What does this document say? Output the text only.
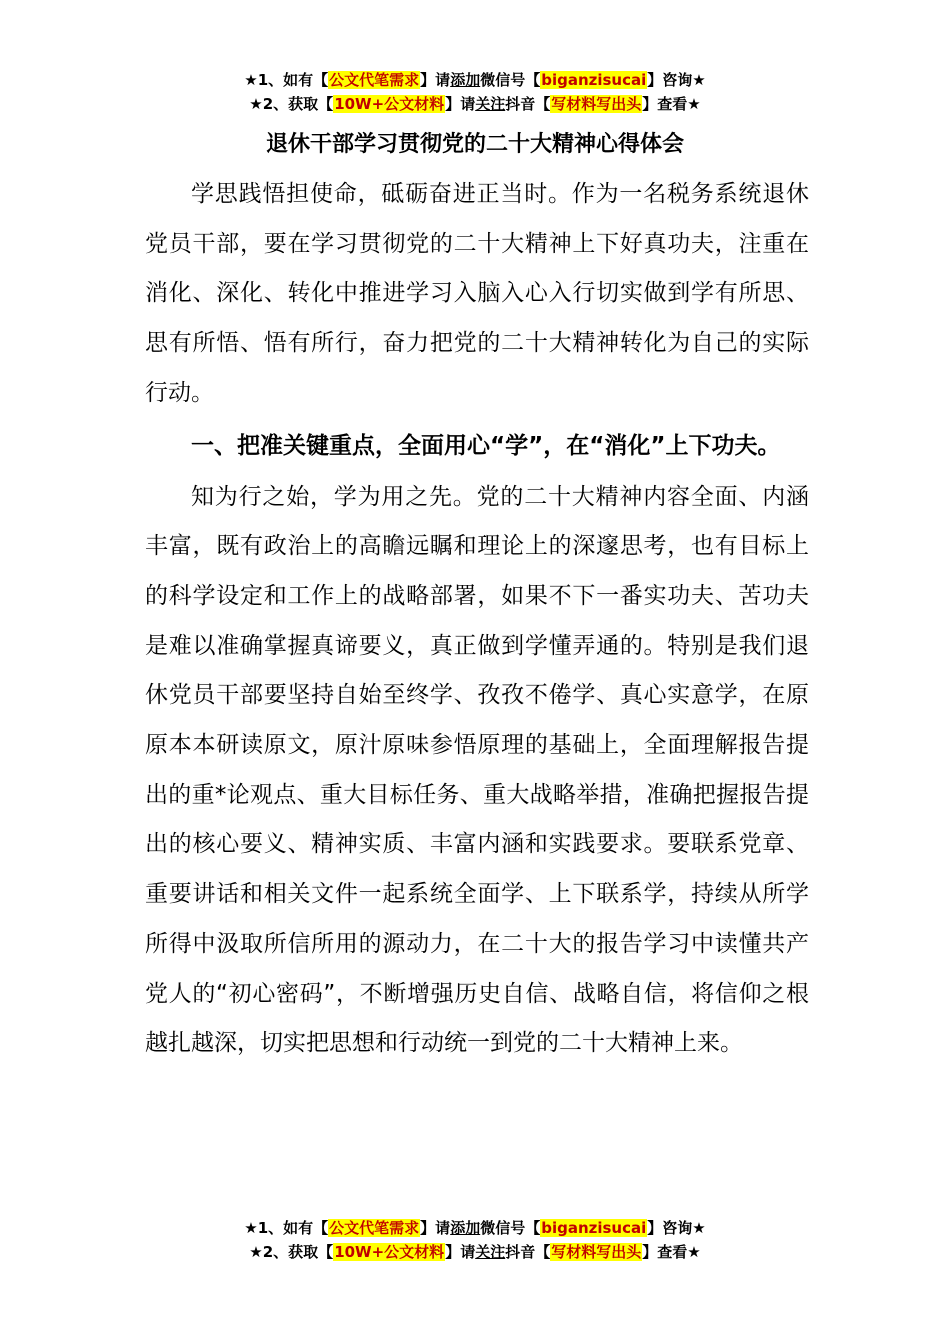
★1、如有【公文代笔需求】请添加微信号【biganzisucai】咨询★
★2、获取【10W+公文材料】请关注抖音【写材料写出头】查看★
退休干部学习贯彻党的二十大精神心得体会

学思践悟担使命，砥砺奋进正当时。作为一名税务系统退休党员干部，要在学习贯彻党的二十大精神上下好真功夫，注重在消化、深化、转化中推进学习入脑入心入行切实做到学有所思、思有所悟、悟有所行，奋力把党的二十大精神转化为自己的实际行动。

一、把准关键重点，全面用心“学”，在“消化”上下功夫。

知为行之始，学为用之先。党的二十大精神内容全面、内涵丰富，既有政治上的高瞻远瞩和理论上的深邃思考，也有目标上的科学设定和工作上的战略部署，如果不下一番实功夫、苦功夫是难以准确掌握真谛要义，真正做到学懂弄通的。特别是我们退休党员干部要坚持自始至终学、孜孜不倦学、真心实意学，在原原本本研读原文，原汁原味参悟原理的基础上，全面理解报告提出的重*论观点、重大目标任务、重大战略举措，准确把握报告提出的核心要义、精神实质、丰富内涵和实践要求。要联系党章、重要讲话和相关文件一起系统全面学、上下联系学，持续从所学所得中汲取所信所用的源动力，在二十大的报告学习中读懂共产党人的“初心密码”，不断增强历史自信、战略自信，将信仰之根越扎越深，切实把思想和行动统一到党的二十大精神上来。

★1、如有【公文代笔需求】请添加微信号【biganzisucai】咨询★
★2、获取【10W+公文材料】请关注抖音【写材料写出头】查看★
